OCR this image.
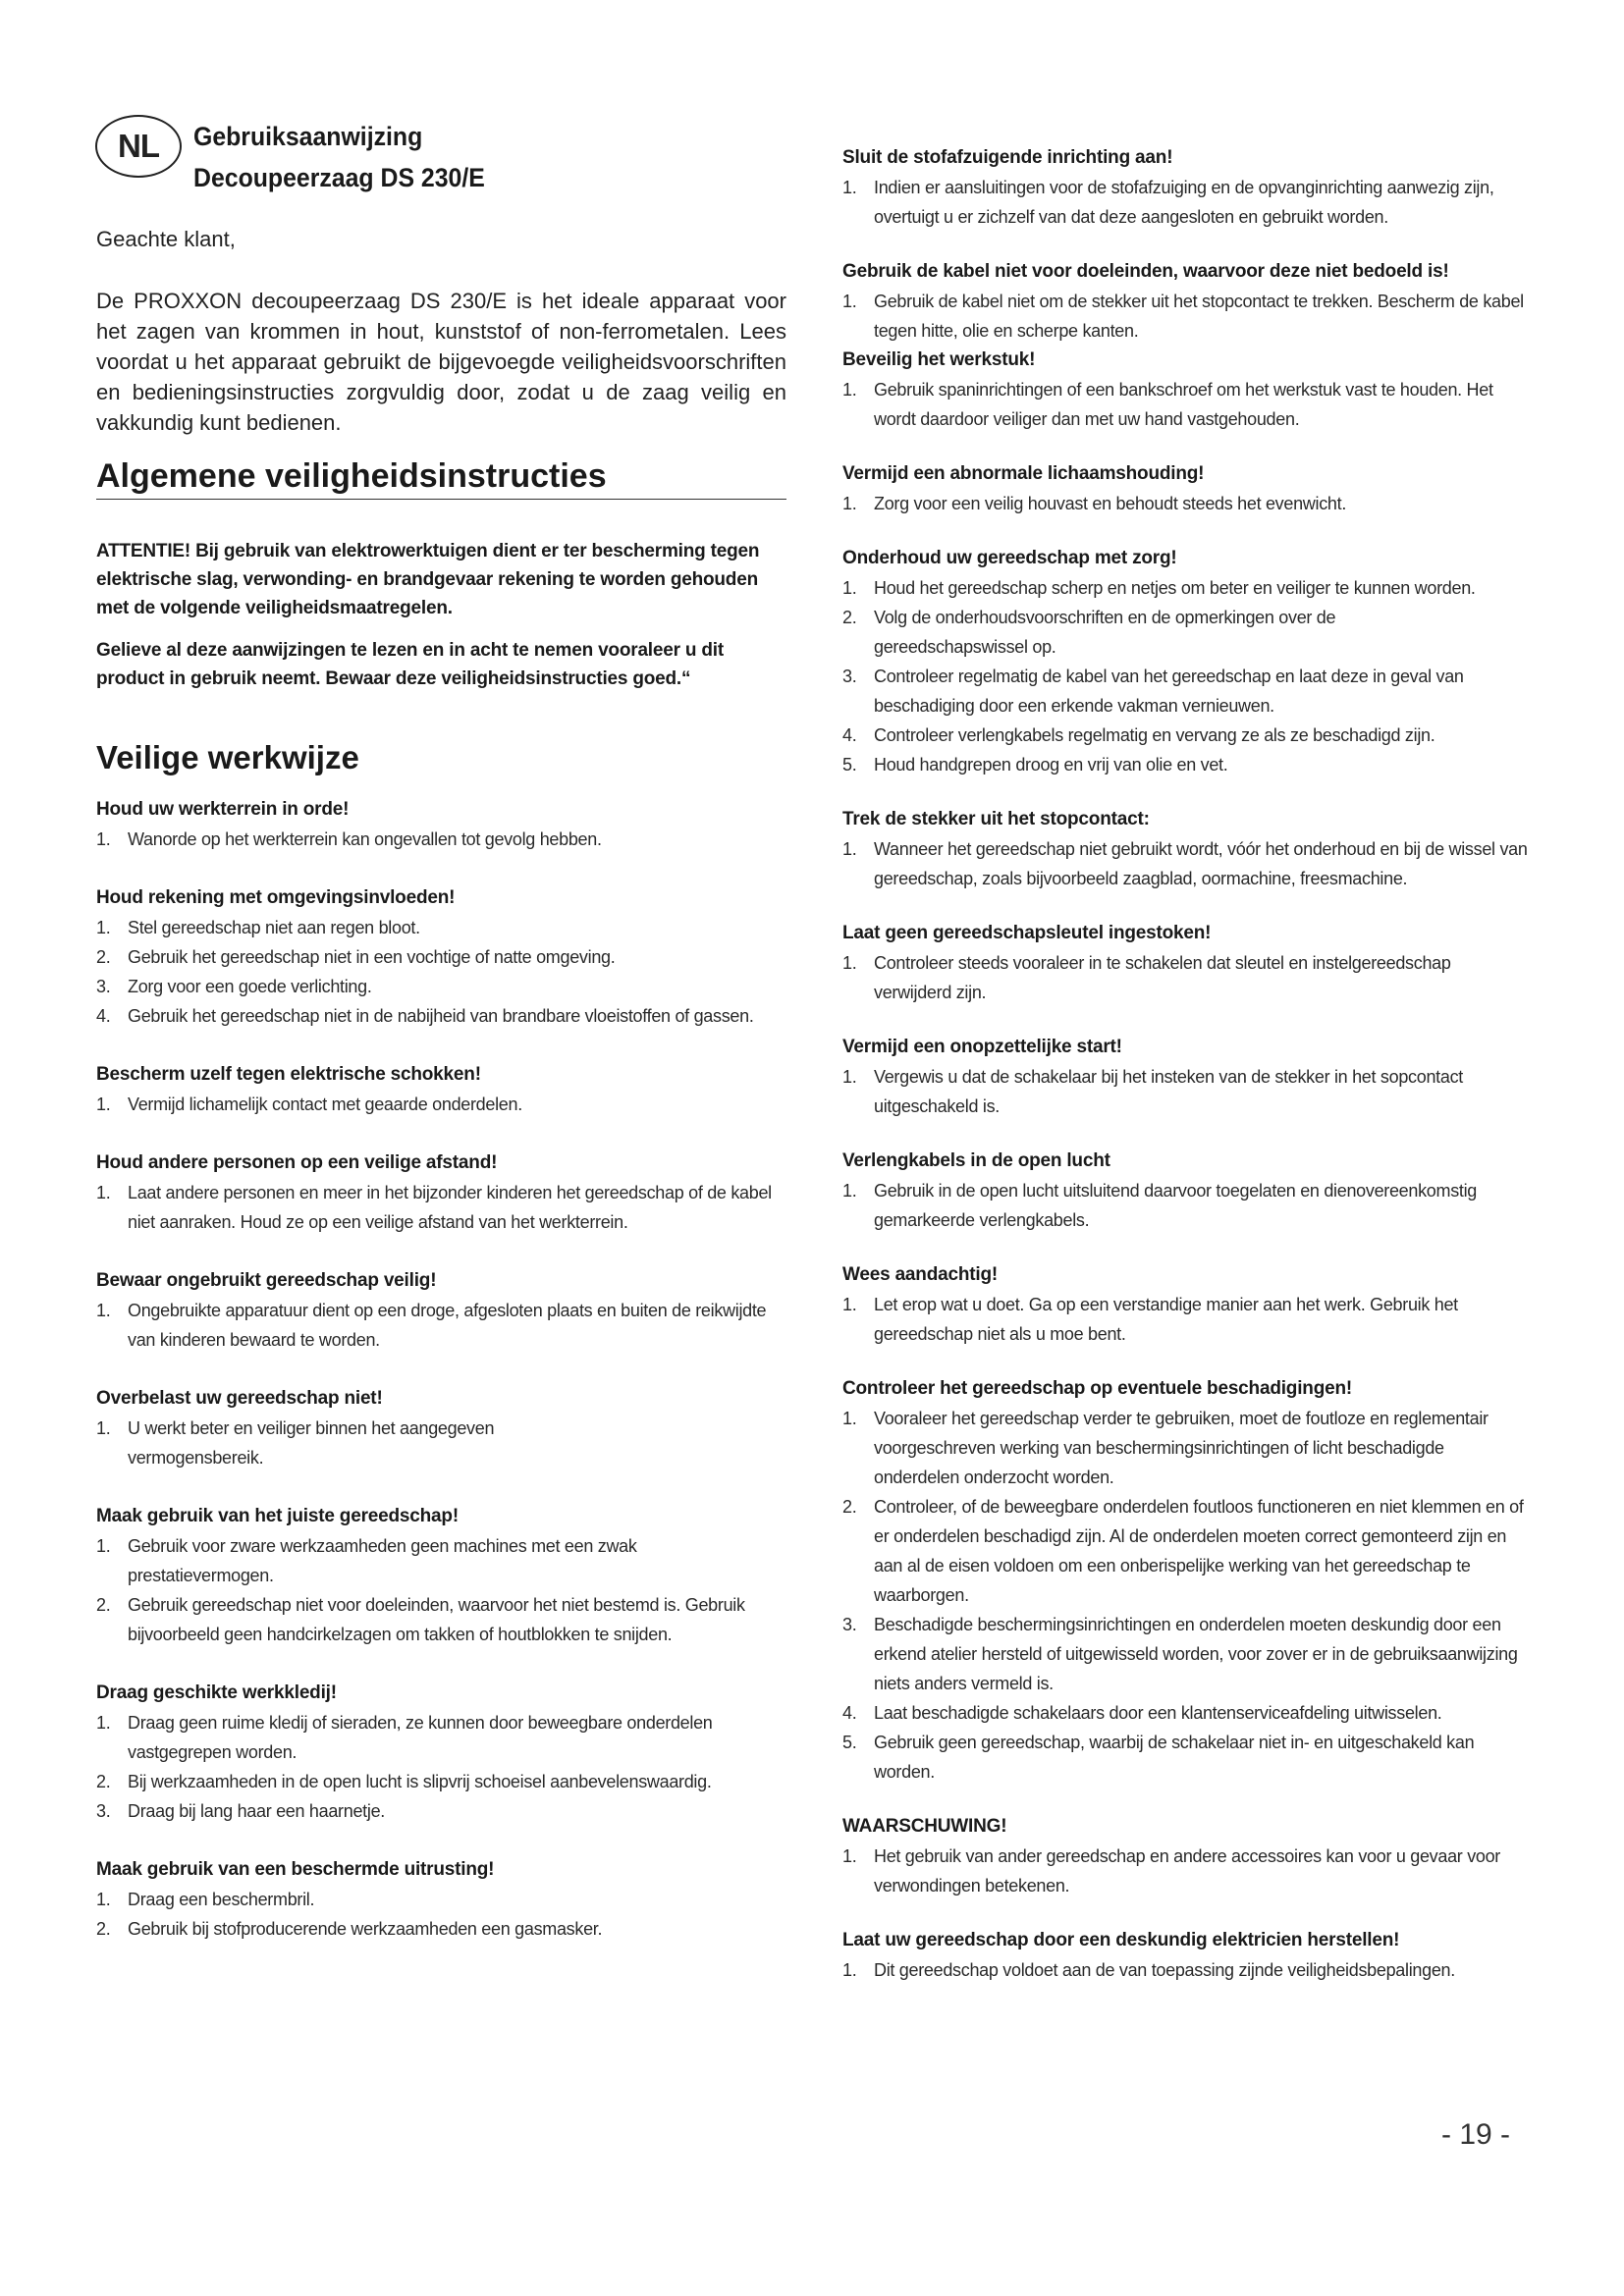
NL Gebruiksaanwijzing
Decoupeerzaag DS 230/E
Geachte klant,
De PROXXON decoupeerzaag DS 230/E is het ideale apparaat voor het zagen van krommen in hout, kunststof of non-ferrometalen. Lees voordat u het apparaat gebruikt de bijgevoegde veiligheidsvoorschriften en bedieningsinstructies zorgvuldig door, zodat u de zaag veilig en vakkundig kunt bedienen.
Algemene veiligheidsinstructies
ATTENTIE! Bij gebruik van elektrowerktuigen dient er ter bescherming tegen elektrische slag, verwonding- en brandgevaar rekening te worden gehouden met de volgende veiligheidsmaatregelen.
Gelieve al deze aanwijzingen te lezen en in acht te nemen vooraleer u dit product in gebruik neemt. Bewaar deze veiligheidsinstructies goed.“
Veilige werkwijze
Houd uw werkterrein in orde!
1. Wanorde op het werkterrein kan ongevallen tot gevolg hebben.
Houd rekening met omgevingsinvloeden!
1. Stel gereedschap niet aan regen bloot.
2. Gebruik het gereedschap niet in een vochtige of natte omgeving.
3. Zorg voor een goede verlichting.
4. Gebruik het gereedschap niet in de nabijheid van brandbare vloeistoffen of gassen.
Bescherm uzelf tegen elektrische schokken!
1. Vermijd lichamelijk contact met geaarde onderdelen.
Houd andere personen op een veilige afstand!
1. Laat andere personen en meer in het bijzonder kinderen het gereedschap of de kabel niet aanraken. Houd ze op een veilige afstand van het werkterrein.
Bewaar ongebruikt gereedschap veilig!
1. Ongebruikte apparatuur dient op een droge, afgesloten plaats en buiten de reikwijdte van kinderen bewaard te worden.
Overbelast uw gereedschap niet!
1. U werkt beter en veiliger binnen het aangegeven vermogensbereik.
Maak gebruik van het juiste gereedschap!
1. Gebruik voor zware werkzaamheden geen machines met een zwak prestatievermogen.
2. Gebruik gereedschap niet voor doeleinden, waarvoor het niet bestemd is. Gebruik bijvoorbeeld geen handcirkelzagen om takken of houtblokken te snijden.
Draag geschikte werkkledij!
1. Draag geen ruime kledij of sieraden, ze kunnen door beweegbare onderdelen vastgegrepen worden.
2. Bij werkzaamheden in de open lucht is slipvrij schoeisel aanbevelenswaardig.
3. Draag bij lang haar een haarnetje.
Maak gebruik van een beschermde uitrusting!
1. Draag een beschermbril.
2. Gebruik bij stofproducerende werkzaamheden een gasmasker.
Sluit de stofafzuigende inrichting aan!
1. Indien er aansluitingen voor de stofafzuiging en de opvanginrichting aanwezig zijn, overtuigt u er zichzelf van dat deze aangesloten en gebruikt worden.
Gebruik de kabel niet voor doeleinden, waarvoor deze niet bedoeld is!
1. Gebruik de kabel niet om de stekker uit het stopcontact te trekken. Bescherm de kabel tegen hitte, olie en scherpe kanten.
Beveilig het werkstuk!
1. Gebruik spaninrichtingen of een bankschroef om het werkstuk vast te houden. Het wordt daardoor veiliger dan met uw hand vastgehouden.
Vermijd een abnormale lichaamshouding!
1. Zorg voor een veilig houvast en behoudt steeds het evenwicht.
Onderhoud uw gereedschap met zorg!
1. Houd het gereedschap scherp en netjes om beter en veiliger te kunnen worden.
2. Volg de onderhoudsvoorschriften en de opmerkingen over de gereedschapswissel op.
3. Controleer regelmatig de kabel van het gereedschap en laat deze in geval van beschadiging door een erkende vakman vernieuwen.
4. Controleer verlengkabels regelmatig en vervang ze als ze beschadigd zijn.
5. Houd handgrepen droog en vrij van olie en vet.
Trek de stekker uit het stopcontact:
1. Wanneer het gereedschap niet gebruikt wordt, vóór het onderhoud en bij de wissel van gereedschap, zoals bijvoorbeeld zaagblad, oormachine, freesmachine.
Laat geen gereedschapsleutel ingestoken!
1. Controleer steeds vooraleer in te schakelen dat sleutel en instelgereedschap verwijderd zijn.
Vermijd een onopzettelijke start!
1. Vergewis u dat de schakelaar bij het insteken van de stekker in het sopcontact uitgeschakeld is.
Verlengkabels in de open lucht
1. Gebruik in de open lucht uitsluitend daarvoor toegelaten en dienovereenkomstig gemarkeerde verlengkabels.
Wees aandachtig!
1. Let erop wat u doet. Ga op een verstandige manier aan het werk. Gebruik het gereedschap niet als u moe bent.
Controleer het gereedschap op eventuele beschadigingen!
1. Vooraleer het gereedschap verder te gebruiken, moet de foutloze en reglementair voorgeschreven werking van beschermingsinrichtingen of licht beschadigde onderdelen onderzocht worden.
2. Controleer, of de beweegbare onderdelen foutloos functioneren en niet klemmen en of er onderdelen beschadigd zijn. Al de onderdelen moeten correct gemonteerd zijn en aan al de eisen voldoen om een onberispelijke werking van het gereedschap te waarborgen.
3. Beschadigde beschermingsinrichtingen en onderdelen moeten deskundig door een erkend atelier hersteld of uitgewisseld worden, voor zover er in de gebruiksaanwijzing niets anders vermeld is.
4. Laat beschadigde schakelaars door een klantenserviceafdeling uitwisselen.
5. Gebruik geen gereedschap, waarbij de schakelaar niet in- en uitgeschakeld kan worden.
WAARSCHUWING!
1. Het gebruik van ander gereedschap en andere accessoires kan voor u gevaar voor verwondingen betekenen.
Laat uw gereedschap door een deskundig elektricien herstellen!
1. Dit gereedschap voldoet aan de van toepassing zijnde veiligheidsbepalingen.
- 19 -
